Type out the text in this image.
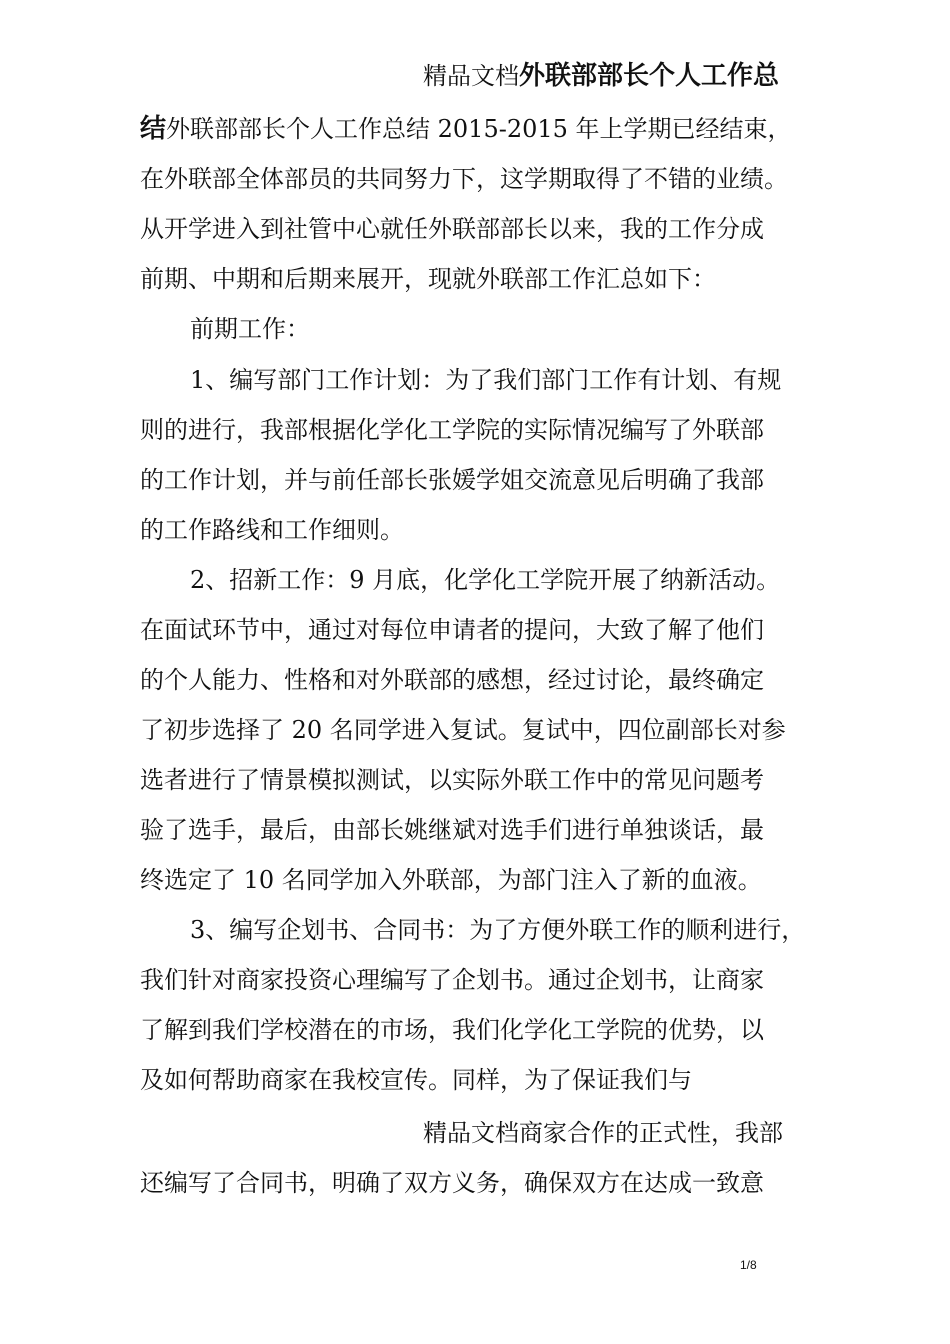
精品文档外联部部长个人工作总
结外联部部长个人工作总结 2015-2015 年上学期已经结束，
在外联部全体部员的共同努力下，这学期取得了不错的业绩。
从开学进入到社管中心就任外联部部长以来，我的工作分成
前期、中期和后期来展开，现就外联部工作汇总如下：
前期工作：
1、编写部门工作计划：为了我们部门工作有计划、有规
则的进行，我部根据化学化工学院的实际情况编写了外联部
的工作计划，并与前任部长张媛学姐交流意见后明确了我部
的工作路线和工作细则。
2、招新工作：9 月底，化学化工学院开展了纳新活动。
在面试环节中，通过对每位申请者的提问，大致了解了他们
的个人能力、性格和对外联部的感想，经过讨论，最终确定
了初步选择了 20 名同学进入复试。复试中，四位副部长对参
选者进行了情景模拟测试，以实际外联工作中的常见问题考
验了选手，最后，由部长姚继斌对选手们进行单独谈话，最
终选定了 10 名同学加入外联部，为部门注入了新的血液。
3、编写企划书、合同书：为了方便外联工作的顺利进行，
我们针对商家投资心理编写了企划书。通过企划书，让商家
了解到我们学校潜在的市场，我们化学化工学院的优势，以
及如何帮助商家在我校宣传。同样，为了保证我们与
精品文档商家合作的正式性，我部
还编写了合同书，明确了双方义务，确保双方在达成一致意
1/8
